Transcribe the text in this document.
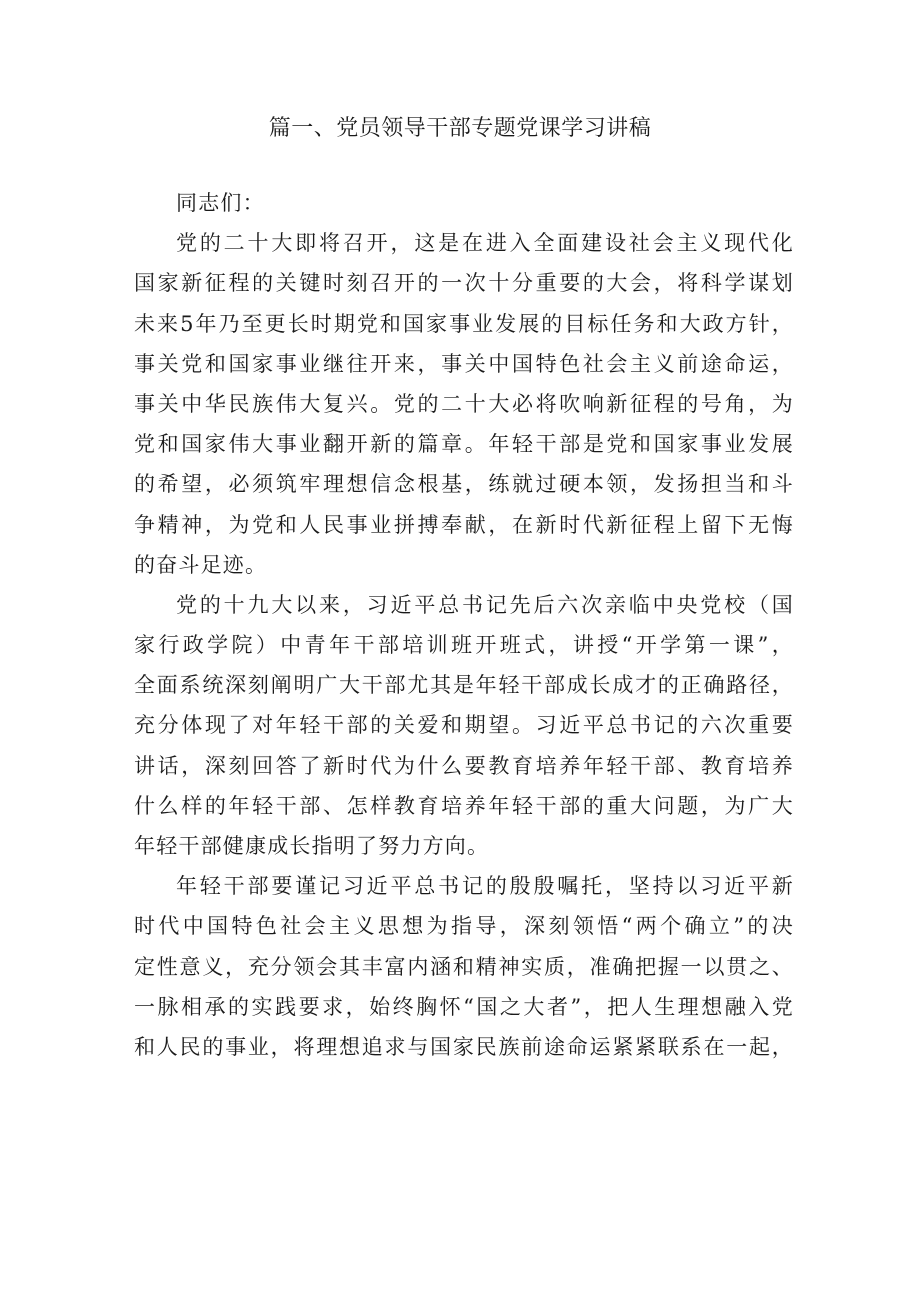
篇一、党员领导干部专题党课学习讲稿
同志们：
党的二十大即将召开，这是在进入全面建设社会主义现代化
国家新征程的关键时刻召开的一次十分重要的大会，将科学谋划
未来5年乃至更长时期党和国家事业发展的目标任务和大政方针，
事关党和国家事业继往开来，事关中国特色社会主义前途命运，
事关中华民族伟大复兴。党的二十大必将吹响新征程的号角，为
党和国家伟大事业翻开新的篇章。年轻干部是党和国家事业发展
的希望，必须筑牢理想信念根基，练就过硬本领，发扬担当和斗
争精神，为党和人民事业拼搏奉献，在新时代新征程上留下无悔
的奋斗足迹。
党的十九大以来，习近平总书记先后六次亲临中央党校（国
家行政学院）中青年干部培训班开班式，讲授“开学第一课”，
全面系统深刻阐明广大干部尤其是年轻干部成长成才的正确路径，
充分体现了对年轻干部的关爱和期望。习近平总书记的六次重要
讲话，深刻回答了新时代为什么要教育培养年轻干部、教育培养
什么样的年轻干部、怎样教育培养年轻干部的重大问题，为广大
年轻干部健康成长指明了努力方向。
年轻干部要谨记习近平总书记的殷殷嘱托，坚持以习近平新
时代中国特色社会主义思想为指导，深刻领悟“两个确立”的决
定性意义，充分领会其丰富内涵和精神实质，准确把握一以贯之、
一脉相承的实践要求，始终胸怀“国之大者”，把人生理想融入党
和人民的事业，将理想追求与国家民族前途命运紧紧联系在一起，
